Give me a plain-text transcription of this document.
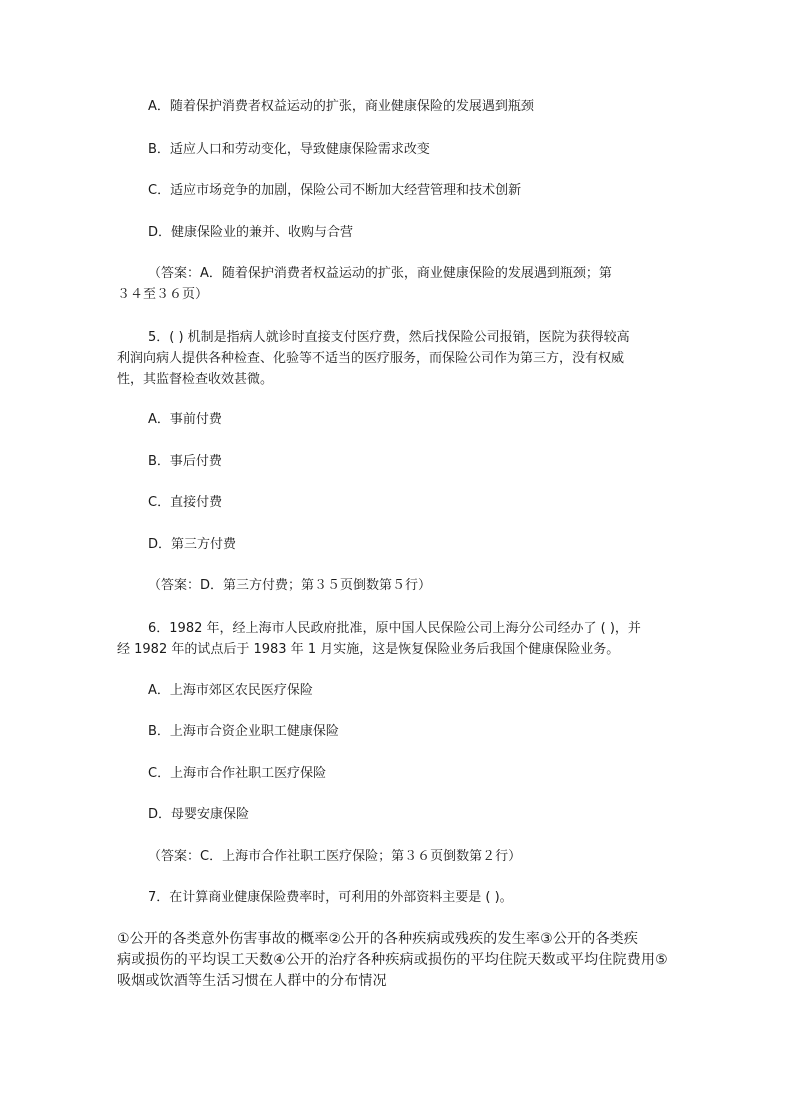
A．随着保护消费者权益运动的扩张，商业健康保险的发展遇到瓶颈
B．适应人口和劳动变化，导致健康保险需求改变
C．适应市场竞争的加剧，保险公司不断加大经营管理和技术创新
D．健康保险业的兼并、收购与合营
（答案：A．随着保护消费者权益运动的扩张，商业健康保险的发展遇到瓶颈；第
３４至３６页）
5．( ) 机制是指病人就诊时直接支付医疗费，然后找保险公司报销，医院为获得较高
利润向病人提供各种检查、化验等不适当的医疗服务，而保险公司作为第三方，没有权威
性，其监督检查收效甚微。
A．事前付费
B．事后付费
C．直接付费
D．第三方付费
（答案：D．第三方付费；第３５页倒数第５行）
6．1982 年，经上海市人民政府批准，原中国人民保险公司上海分公司经办了 ( )，并
经 1982 年的试点后于 1983 年 1 月实施，这是恢复保险业务后我国个健康保险业务。
A．上海市郊区农民医疗保险
B．上海市合资企业职工健康保险
C．上海市合作社职工医疗保险
D．母婴安康保险
（答案：C．上海市合作社职工医疗保险；第３６页倒数第２行）
7．在计算商业健康保险费率时，可利用的外部资料主要是 ( )。
①公开的各类意外伤害事故的概率②公开的各种疾病或残疾的发生率③公开的各类疾
病或损伤的平均误工天数④公开的治疗各种疾病或损伤的平均住院天数或平均住院费用⑤
吸烟或饮酒等生活习惯在人群中的分布情况
